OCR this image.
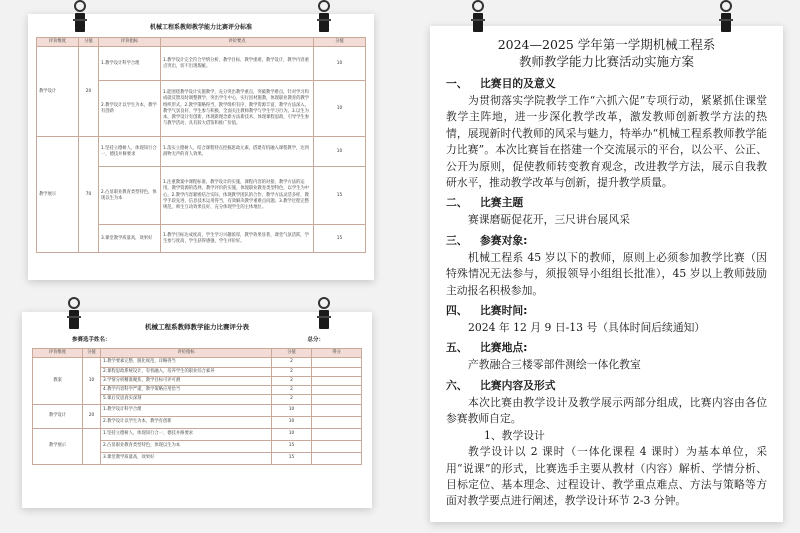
机械工程系教师教学能力比赛评分标准
评价维度	分值	评价指标	评价要点	分值
教学设计	20	1.教学设计科学合理	1.教学设计完全符合学情分析，教学目标，教学重难，教学设计，教学内容重点突出，切不出现瑕疵。	10
		2.教学设计以学生为本，教学有创新	1.能围绕教学设计实施教学，充分突出教学重点，突破教学难点，针对学习和成就反馈及时调整教学，突出学生中心，实行因材施教，体现职业教育的教学组织形式。2.教学策略得当，教学组织有序，教学资源丰富，教学方法深入，教学气氛良好，学生参与积极，全面关注教师教学与学生学习行为。3.以生为本，教学设计有创新，体现新理念新方法新技术，体现课程思政，引导学生参与教学活动，具有较大借鉴和推广价值。	10
教学展示	70	1.坚持立德树人，体现知行合一，德技并修要求	1.落实立德树人，结合课程特点挖掘思政元素，搭建有机融入课程教学，达到润物无声的育人效果。	10
		2.凸显职业教育类型特色，体现以生为本	1.注重教案中课程标准，教学设计的实施，课程内容的对接，教学方法的运用，教学资源的选择，教学评价的实施，体现职业教育类型特色，以学生为中心。2.教学内容紧密结合实际，体现教学团队的合作，教学方法灵活多样，教学手段先进，信息技术运用得当，有效解决教学重难点问题。3.教学过程完整规范，师生互动效果良好，充分体现学生的主体地位。	15
		3.课堂教学质量高，效果好	1.教学目标达成度高，学生学习兴趣浓厚，教学效果显著，课堂气氛活跃，学生参与度高，学生获得感强，学生评价好。	15
机械工程系教师教学能力比赛评分表
参赛选手姓名：	总分：
评价维度	分值	评价指标	分值	得分
教案	10	1.教学要素完整、脱化规范、详略得当	2	
		2.课程思政系统设计，有机融入，培养学生的职业综合素养	2	
		3.学情分析精准聚焦，教学目标可评可测	2	
		4.教学内容科学严谨，教学策略应用恰当	2	
		5.课后反思真实深刻	2	
教学设计	20	1.教学设计科学合理	10	
		2.教学设计以学生为本，教学有创新	10	
教学展示		1.坚持立德树人，体现知行合一、德技并修要求	10	
		2.凸显职业教育类型特色，体现以生为本	15	
		3.课堂教学质量高，效果好	15	
2024—2025 学年第一学期机械工程系
教师教学能力比赛活动实施方案
一、 比赛目的及意义
为贯彻落实学院教学工作“六抓六促”专项行动，紧紧抓住课堂教学主阵地，进一步深化教学改革，激发教师创新教学方法的热情，展现新时代教师的风采与魅力，特举办“机械工程系教师教学能力比赛”。本次比赛旨在搭建一个交流展示的平台，以公平、公正、公开为原则，促使教师转变教育观念，改进教学方法，展示自我教研水平，推动教学改革与创新，提升教学质量。
二、 比赛主题
赛课磨砺促花开，三尺讲台展风采
三、 参赛对象:
机械工程系 45 岁以下的教师，原则上必须参加教学比赛（因特殊情况无法参与，须报领导小组组长批准），45 岁以上教师鼓励主动报名积极参加。
四、 比赛时间:
2024 年 12 月 9 日-13 号（具体时间后续通知）
五、 比赛地点:
产教融合三楼零部件测绘一体化教室
六、 比赛内容及形式
本次比赛由教学设计及教学展示两部分组成，比赛内容由各位参赛教师自定。
1、教学设计
教学设计以 2 课时（一体化课程 4 课时）为基本单位，采用“说课”的形式，比赛选手主要从教材（内容）解析、学情分析、目标定位、基本理念、过程设计、教学重点难点、方法与策略等方面对教学要点进行阐述，教学设计环节 2-3 分钟。
